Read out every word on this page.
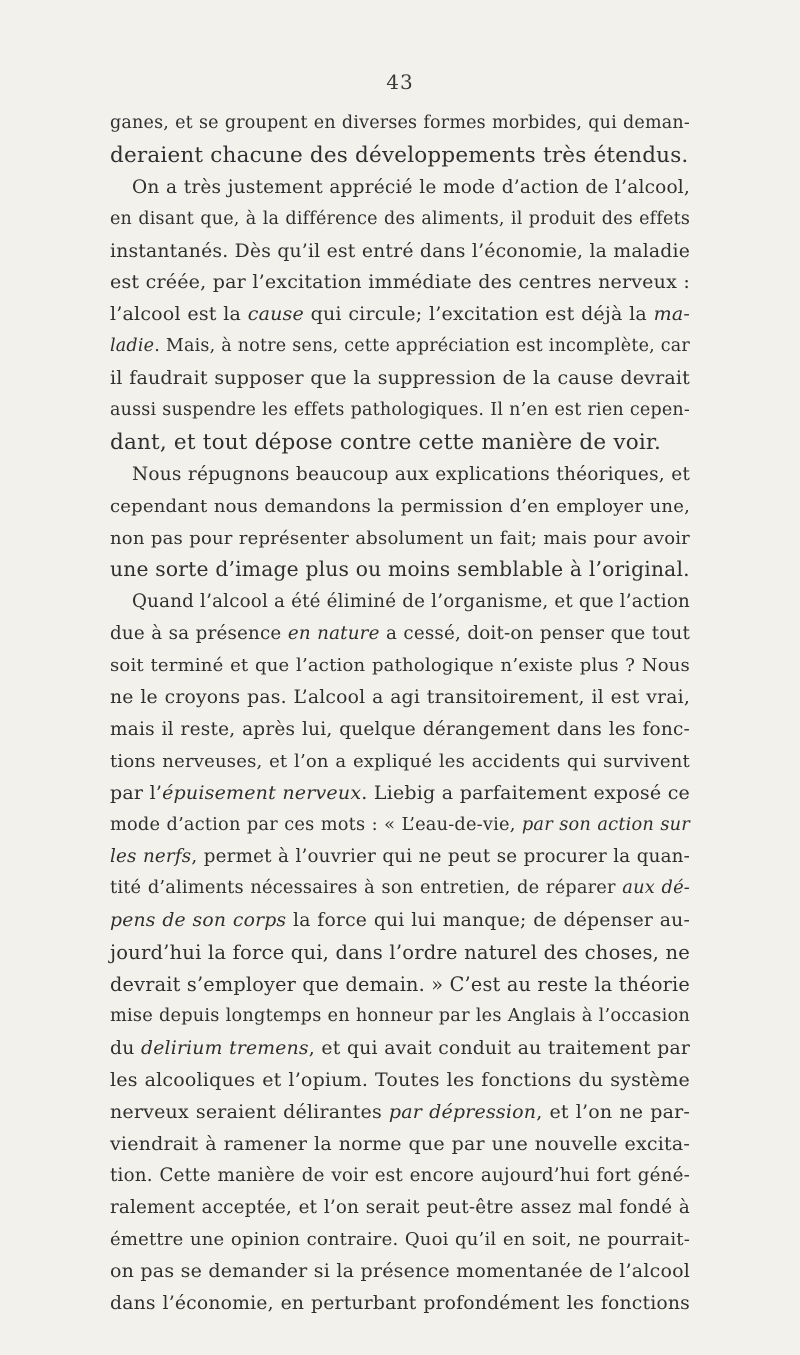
43
ganes, et se groupent en diverses formes morbides, qui deman-
deraient chacune des développements très étendus.
On a très justement apprécié le mode d’action de l’alcool,
en disant que, à la différence des aliments, il produit des effets
instantanés. Dès qu’il est entré dans l’économie, la maladie
est créée, par l’excitation immédiate des centres nerveux :
l’alcool est la cause qui circule; l’excitation est déjà la ma-
ladie. Mais, à notre sens, cette appréciation est incomplète, car
il faudrait supposer que la suppression de la cause devrait
aussi suspendre les effets pathologiques. Il n’en est rien cepen-
dant, et tout dépose contre cette manière de voir.
Nous répugnons beaucoup aux explications théoriques, et
cependant nous demandons la permission d’en employer une,
non pas pour représenter absolument un fait; mais pour avoir
une sorte d’image plus ou moins semblable à l’original.
Quand l’alcool a été éliminé de l’organisme, et que l’action
due à sa présence en nature a cessé, doit-on penser que tout
soit terminé et que l’action pathologique n’existe plus ? Nous
ne le croyons pas. L’alcool a agi transitoirement, il est vrai,
mais il reste, après lui, quelque dérangement dans les fonc-
tions nerveuses, et l’on a expliqué les accidents qui survivent
par l’épuisement nerveux. Liebig a parfaitement exposé ce
mode d’action par ces mots : « L’eau-de-vie, par son action sur
les nerfs, permet à l’ouvrier qui ne peut se procurer la quan-
tité d’aliments nécessaires à son entretien, de réparer aux dé-
pens de son corps la force qui lui manque; de dépenser au-
jourd’hui la force qui, dans l’ordre naturel des choses, ne
devrait s’employer que demain. » C’est au reste la théorie
mise depuis longtemps en honneur par les Anglais à l’occasion
du delirium tremens, et qui avait conduit au traitement par
les alcooliques et l’opium. Toutes les fonctions du système
nerveux seraient délirantes par dépression, et l’on ne par-
viendrait à ramener la norme que par une nouvelle excita-
tion. Cette manière de voir est encore aujourd’hui fort géné-
ralement acceptée, et l’on serait peut-être assez mal fondé à
émettre une opinion contraire. Quoi qu’il en soit, ne pourrait-
on pas se demander si la présence momentanée de l’alcool
dans l’économie, en perturbant profondément les fonctions
